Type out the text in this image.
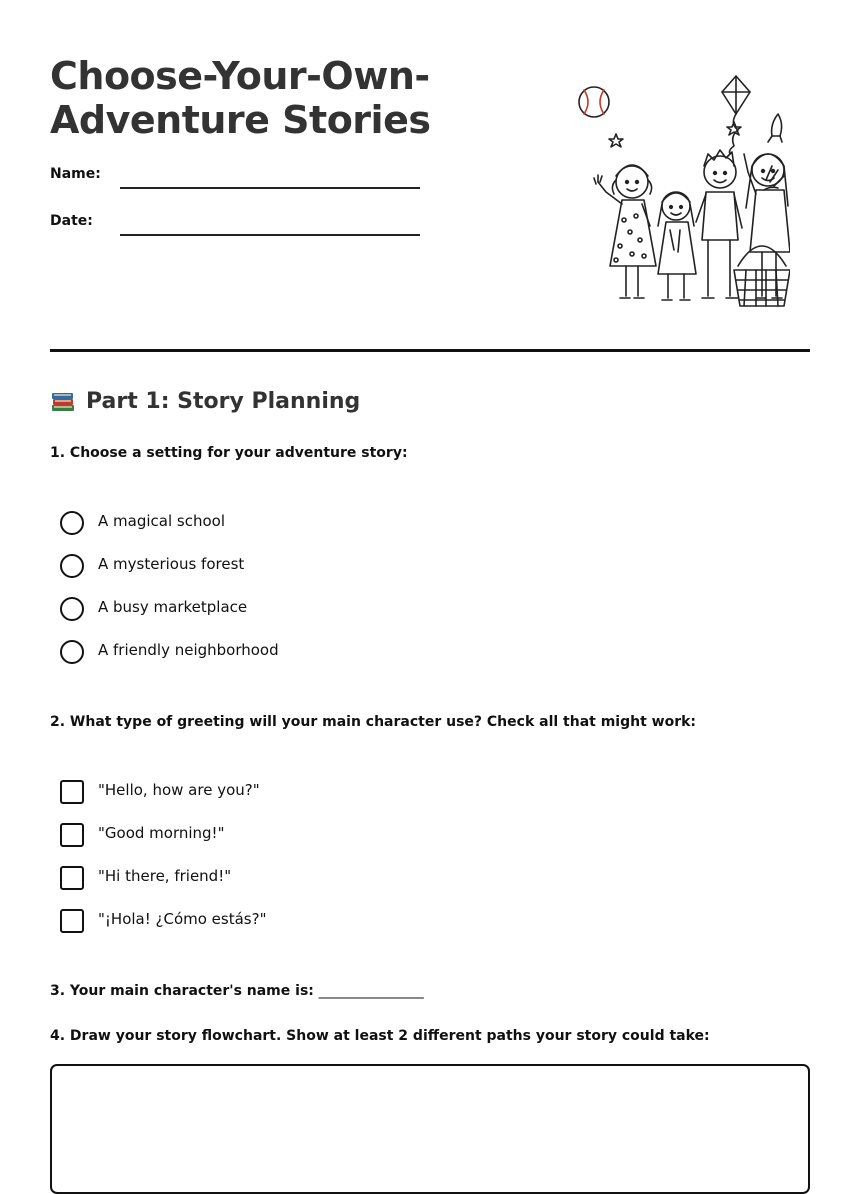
Choose-Your-Own-Adventure Stories
Name:
Date:
Part 1: Story Planning

1. Choose a setting for your adventure story:

A magical school
A mysterious forest
A busy marketplace
A friendly neighborhood

2. What type of greeting will your main character use? Check all that might work:

"Hello, how are you?"
"Good morning!"
"Hi there, friend!"
"¡Hola! ¿Cómo estás?"

3. Your main character's name is: _______________

4. Draw your story flowchart. Show at least 2 different paths your story could take:
